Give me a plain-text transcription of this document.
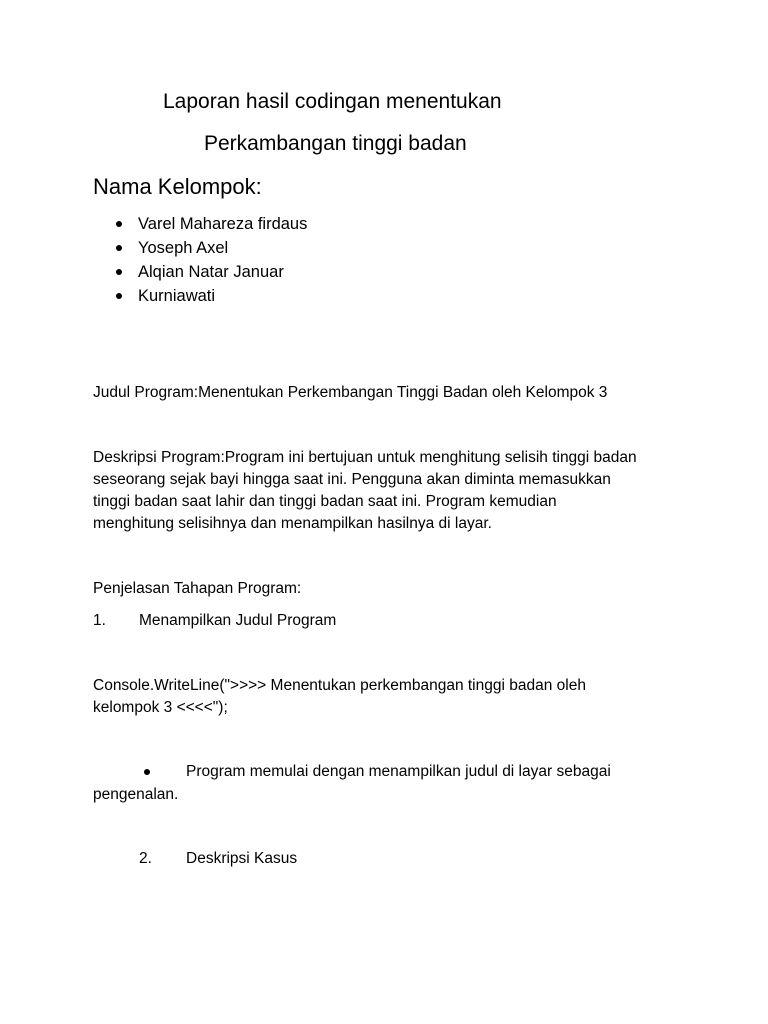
Laporan hasil codingan menentukan
Perkambangan tinggi badan
Nama Kelompok:
Varel Mahareza firdaus
Yoseph Axel
Alqian Natar Januar
Kurniawati
Judul Program:Menentukan Perkembangan Tinggi Badan oleh Kelompok 3
Deskripsi Program:Program ini bertujuan untuk menghitung selisih tinggi badan
seseorang sejak bayi hingga saat ini. Pengguna akan diminta memasukkan
tinggi badan saat lahir dan tinggi badan saat ini. Program kemudian
menghitung selisihnya dan menampilkan hasilnya di layar.
Penjelasan Tahapan Program:
1. Menampilkan Judul Program
Console.WriteLine(">>>> Menentukan perkembangan tinggi badan oleh
kelompok 3 <<<<");
Program memulai dengan menampilkan judul di layar sebagai
pengenalan.
2. Deskripsi Kasus
